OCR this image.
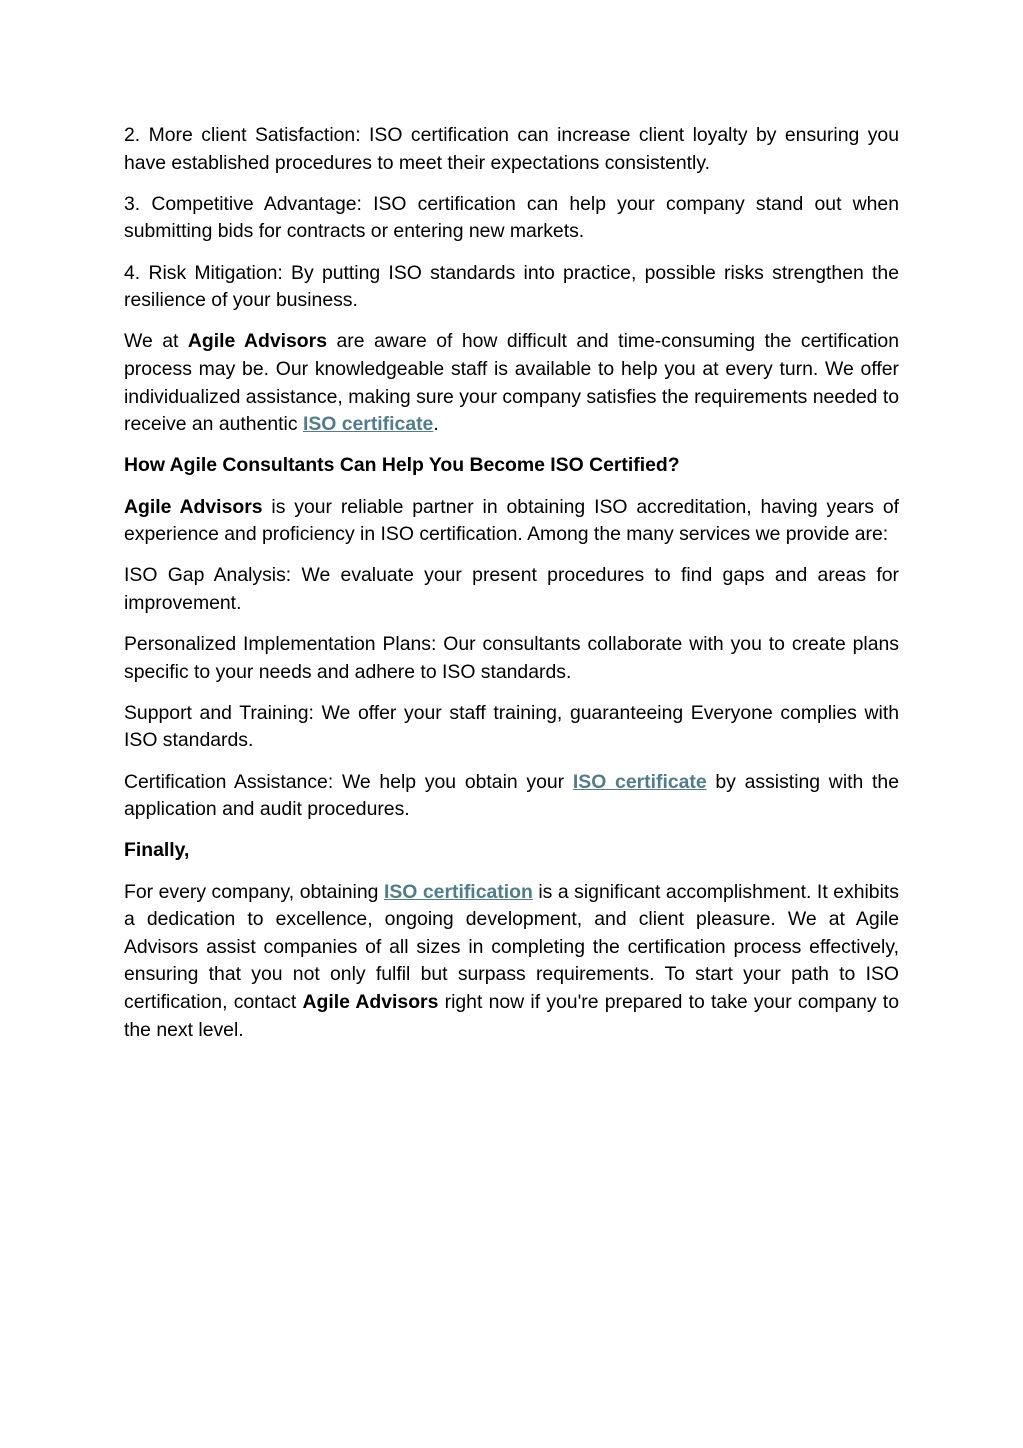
2. More client Satisfaction: ISO certification can increase client loyalty by ensuring you have established procedures to meet their expectations consistently.

3. Competitive Advantage: ISO certification can help your company stand out when submitting bids for contracts or entering new markets.

4. Risk Mitigation: By putting ISO standards into practice, possible risks strengthen the resilience of your business.

We at Agile Advisors are aware of how difficult and time-consuming the certification process may be. Our knowledgeable staff is available to help you at every turn. We offer individualized assistance, making sure your company satisfies the requirements needed to receive an authentic ISO certificate.

How Agile Consultants Can Help You Become ISO Certified?

Agile Advisors is your reliable partner in obtaining ISO accreditation, having years of experience and proficiency in ISO certification. Among the many services we provide are:

ISO Gap Analysis: We evaluate your present procedures to find gaps and areas for improvement.

Personalized Implementation Plans: Our consultants collaborate with you to create plans specific to your needs and adhere to ISO standards.

Support and Training: We offer your staff training, guaranteeing Everyone complies with ISO standards.

Certification Assistance: We help you obtain your ISO certificate by assisting with the application and audit procedures.

Finally,

For every company, obtaining ISO certification is a significant accomplishment. It exhibits a dedication to excellence, ongoing development, and client pleasure. We at Agile Advisors assist companies of all sizes in completing the certification process effectively, ensuring that you not only fulfil but surpass requirements. To start your path to ISO certification, contact Agile Advisors right now if you're prepared to take your company to the next level.
